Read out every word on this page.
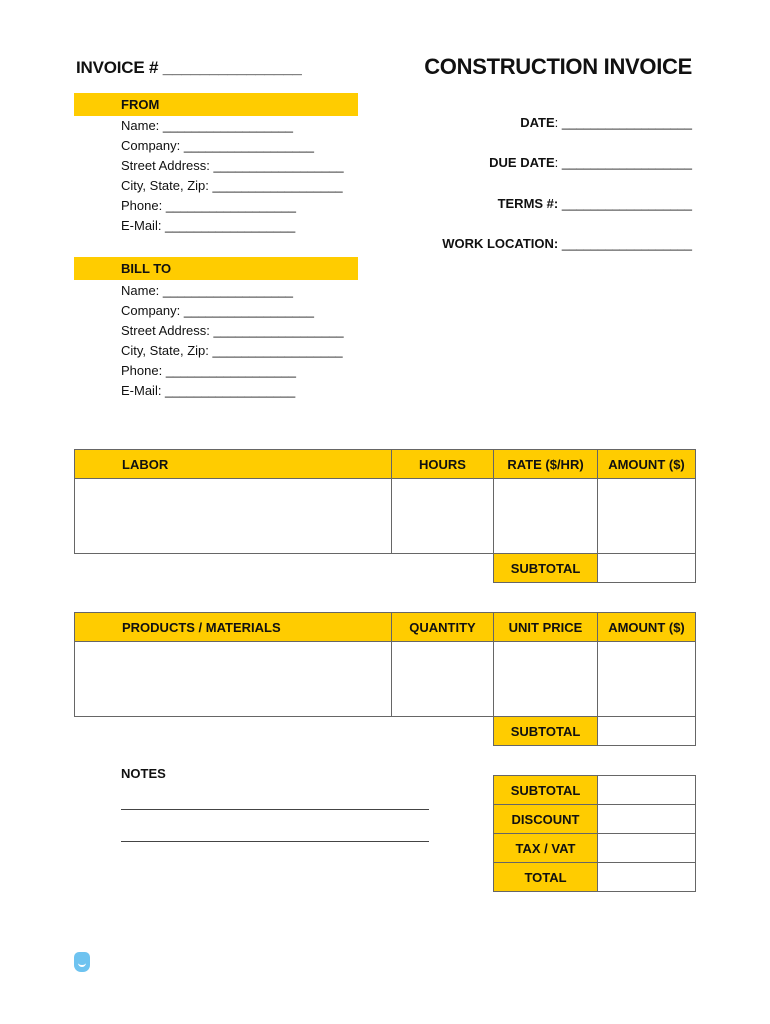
INVOICE # _______________	CONSTRUCTION INVOICE
FROM
Name: __________________
Company: __________________
Street Address: __________________
City, State, Zip: __________________
Phone: __________________
E-Mail: __________________
DATE: __________________
DUE DATE: __________________
TERMS #: __________________
WORK LOCATION: __________________
BILL TO
Name: __________________
Company: __________________
Street Address: __________________
City, State, Zip: __________________
Phone: __________________
E-Mail: __________________
LABOR	HOURS	RATE ($/HR)	AMOUNT ($)

		SUBTOTAL	
PRODUCTS / MATERIALS	QUANTITY	UNIT PRICE	AMOUNT ($)

		SUBTOTAL	
NOTES
SUBTOTAL	
DISCOUNT	
TAX / VAT	
TOTAL	
